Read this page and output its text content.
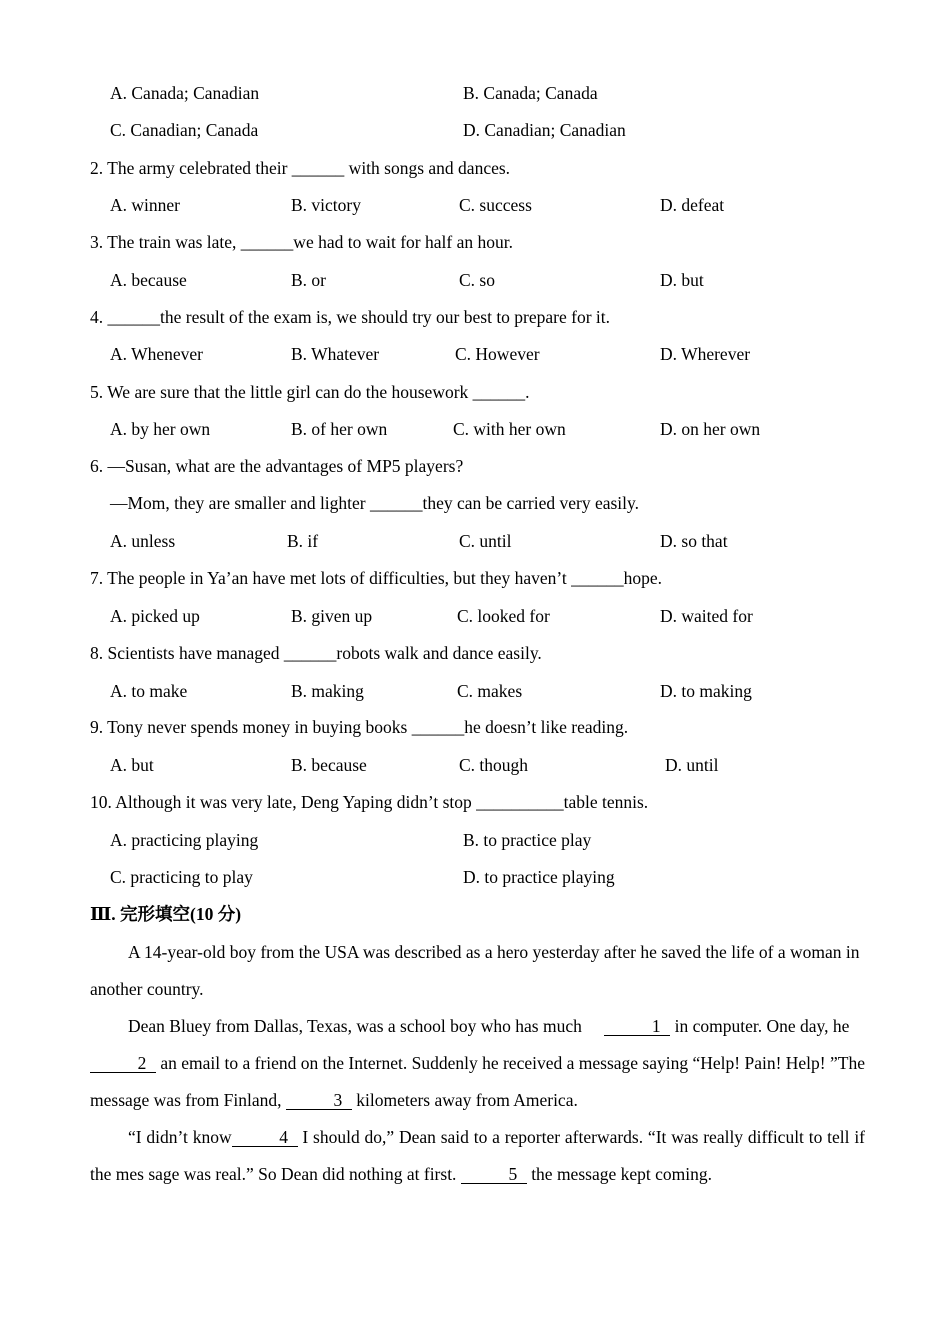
A. Canada; Canadian	B. Canada; Canada
C. Canadian; Canada	D. Canadian; Canadian
2. The army celebrated their ______ with songs and dances.
A. winner	B. victory	C. success	D. defeat
3. The train was late, ______we had to wait for half an hour.
A. because	B. or	C. so	D. but
4. ______the result of the exam is, we should try our best to prepare for it.
A. Whenever	B. Whatever	C. However	D. Wherever
5. We are sure that the little girl can do the housework ______.
A. by her own	B. of her own	C. with her own	D. on her own
6. —Susan, what are the advantages of MP5 players?
—Mom, they are smaller and lighter ______they can be carried very easily.
A. unless	B. if	C. until	D. so that
7. The people in Ya’an have met lots of difficulties, but they haven’t ______hope.
A. picked up	B. given up	C. looked for	D. waited for
8. Scientists have managed ______robots walk and dance easily.
A. to make	B. making	C. makes	D. to making
9. Tony never spends money in buying books ______he doesn’t like reading.
A. but	B. because	C. though	D. until
10. Although it was very late, Deng Yaping didn’t stop __________table tennis.
A. practicing playing	B. to practice play
C. practicing to play	D. to practice playing
Ⅲ. 完形填空(10 分)
A 14-year-old boy from the USA was described as a hero yesterday after he saved the life of a woman in another country.
Dean Bluey from Dallas, Texas, was a school boy who has much	1 in computer. One day, he 2 an email to a friend on the Internet. Suddenly he received a message saying “Help! Pain! Help! ”The message was from Finland,	3 kilometers away from America.
“I didn’t know	4 I should do,” Dean said to a reporter afterwards. “It was really difficult to tell if the mes sage was real.” So Dean did nothing at first.	5 the message kept coming.
